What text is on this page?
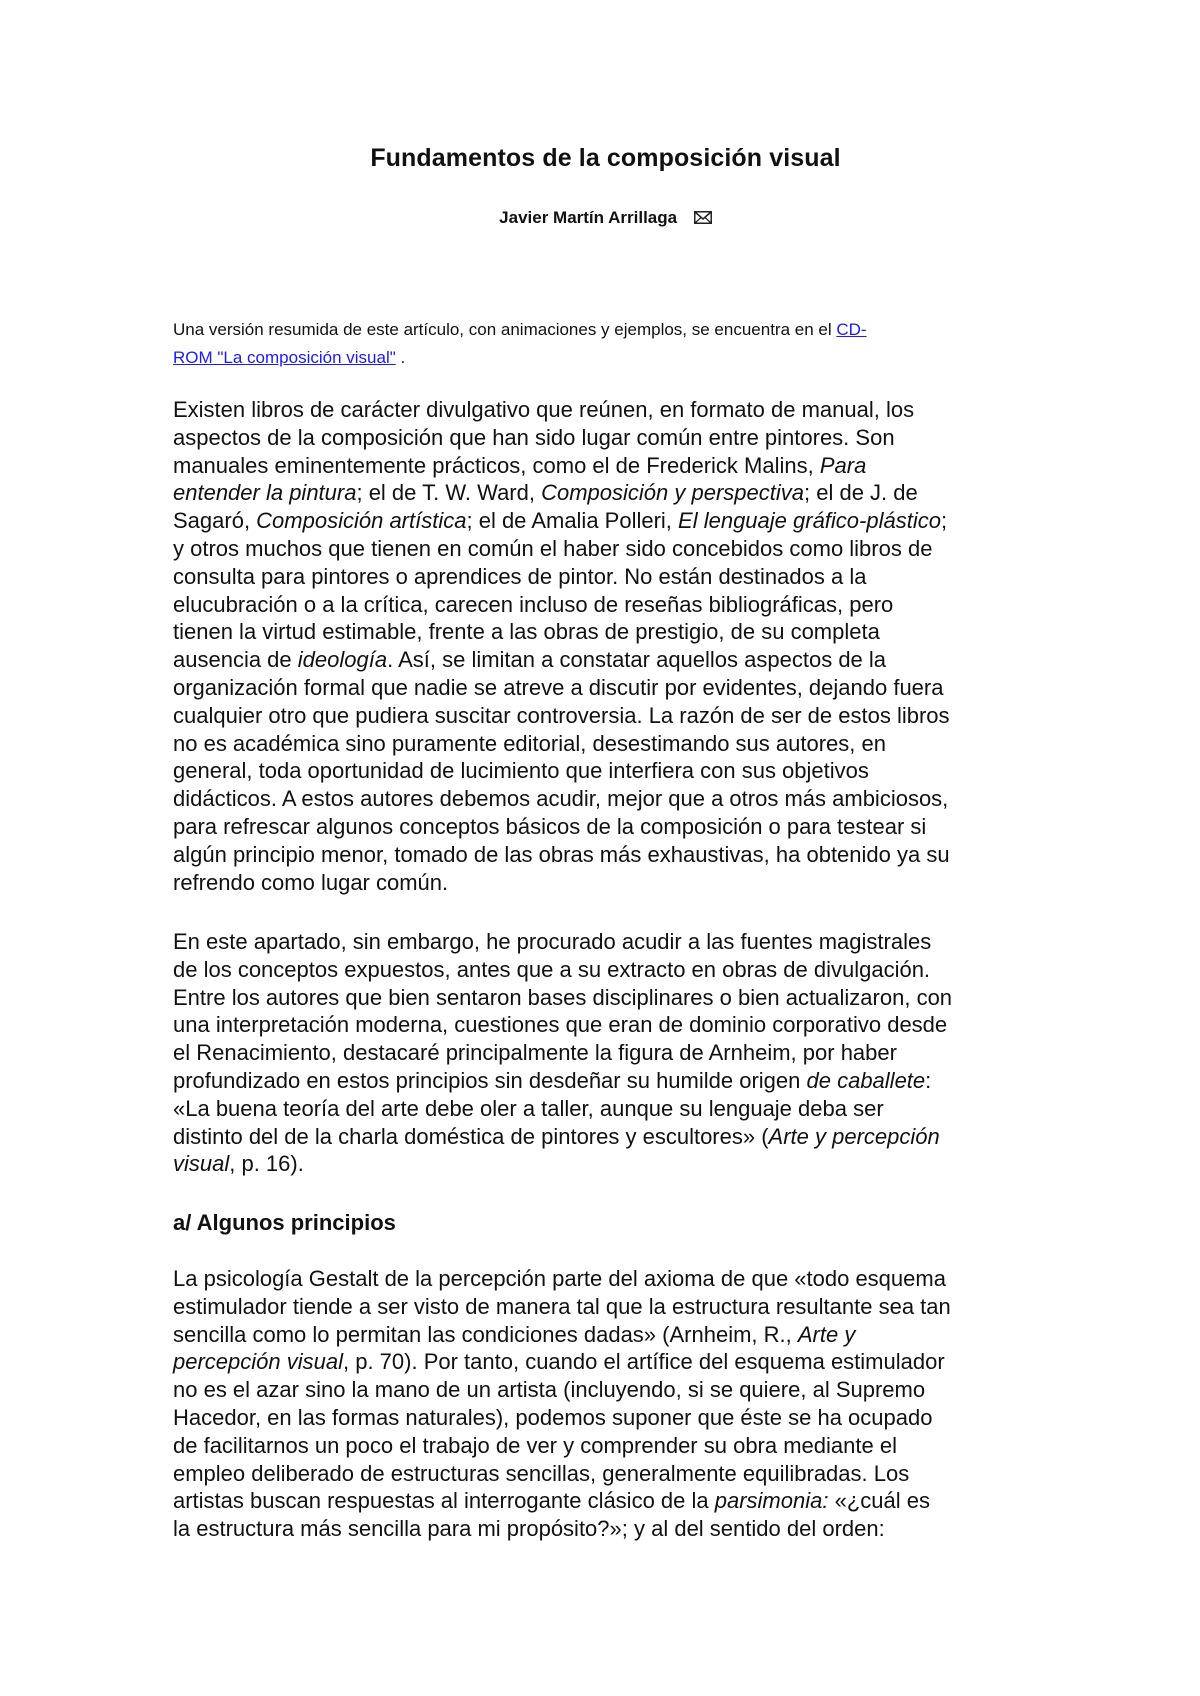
Fundamentos de la composición visual
Javier Martín Arrillaga

Una versión resumida de este artículo, con animaciones y ejemplos, se encuentra en el CD-
ROM "La composición visual" .

Existen libros de carácter divulgativo que reúnen, en formato de manual, los
aspectos de la composición que han sido lugar común entre pintores. Son
manuales eminentemente prácticos, como el de Frederick Malins, Para
entender la pintura; el de T. W. Ward, Composición y perspectiva; el de J. de
Sagaró, Composición artística; el de Amalia Polleri, El lenguaje gráfico-plástico;
y otros muchos que tienen en común el haber sido concebidos como libros de
consulta para pintores o aprendices de pintor. No están destinados a la
elucubración o a la crítica, carecen incluso de reseñas bibliográficas, pero
tienen la virtud estimable, frente a las obras de prestigio, de su completa
ausencia de ideología. Así, se limitan a constatar aquellos aspectos de la
organización formal que nadie se atreve a discutir por evidentes, dejando fuera
cualquier otro que pudiera suscitar controversia. La razón de ser de estos libros
no es académica sino puramente editorial, desestimando sus autores, en
general, toda oportunidad de lucimiento que interfiera con sus objetivos
didácticos. A estos autores debemos acudir, mejor que a otros más ambiciosos,
para refrescar algunos conceptos básicos de la composición o para testear si
algún principio menor, tomado de las obras más exhaustivas, ha obtenido ya su
refrendo como lugar común.
En este apartado, sin embargo, he procurado acudir a las fuentes magistrales
de los conceptos expuestos, antes que a su extracto en obras de divulgación.
Entre los autores que bien sentaron bases disciplinares o bien actualizaron, con
una interpretación moderna, cuestiones que eran de dominio corporativo desde
el Renacimiento, destacaré principalmente la figura de Arnheim, por haber
profundizado en estos principios sin desdeñar su humilde origen de caballete:
«La buena teoría del arte debe oler a taller, aunque su lenguaje deba ser
distinto del de la charla doméstica de pintores y escultores» (Arte y percepción
visual, p. 16).
a/ Algunos principios
La psicología Gestalt de la percepción parte del axioma de que «todo esquema
estimulador tiende a ser visto de manera tal que la estructura resultante sea tan
sencilla como lo permitan las condiciones dadas» (Arnheim, R., Arte y
percepción visual, p. 70). Por tanto, cuando el artífice del esquema estimulador
no es el azar sino la mano de un artista (incluyendo, si se quiere, al Supremo
Hacedor, en las formas naturales), podemos suponer que éste se ha ocupado
de facilitarnos un poco el trabajo de ver y comprender su obra mediante el
empleo deliberado de estructuras sencillas, generalmente equilibradas. Los
artistas buscan respuestas al interrogante clásico de la parsimonia: «¿cuál es
la estructura más sencilla para mi propósito?»; y al del sentido del orden:
